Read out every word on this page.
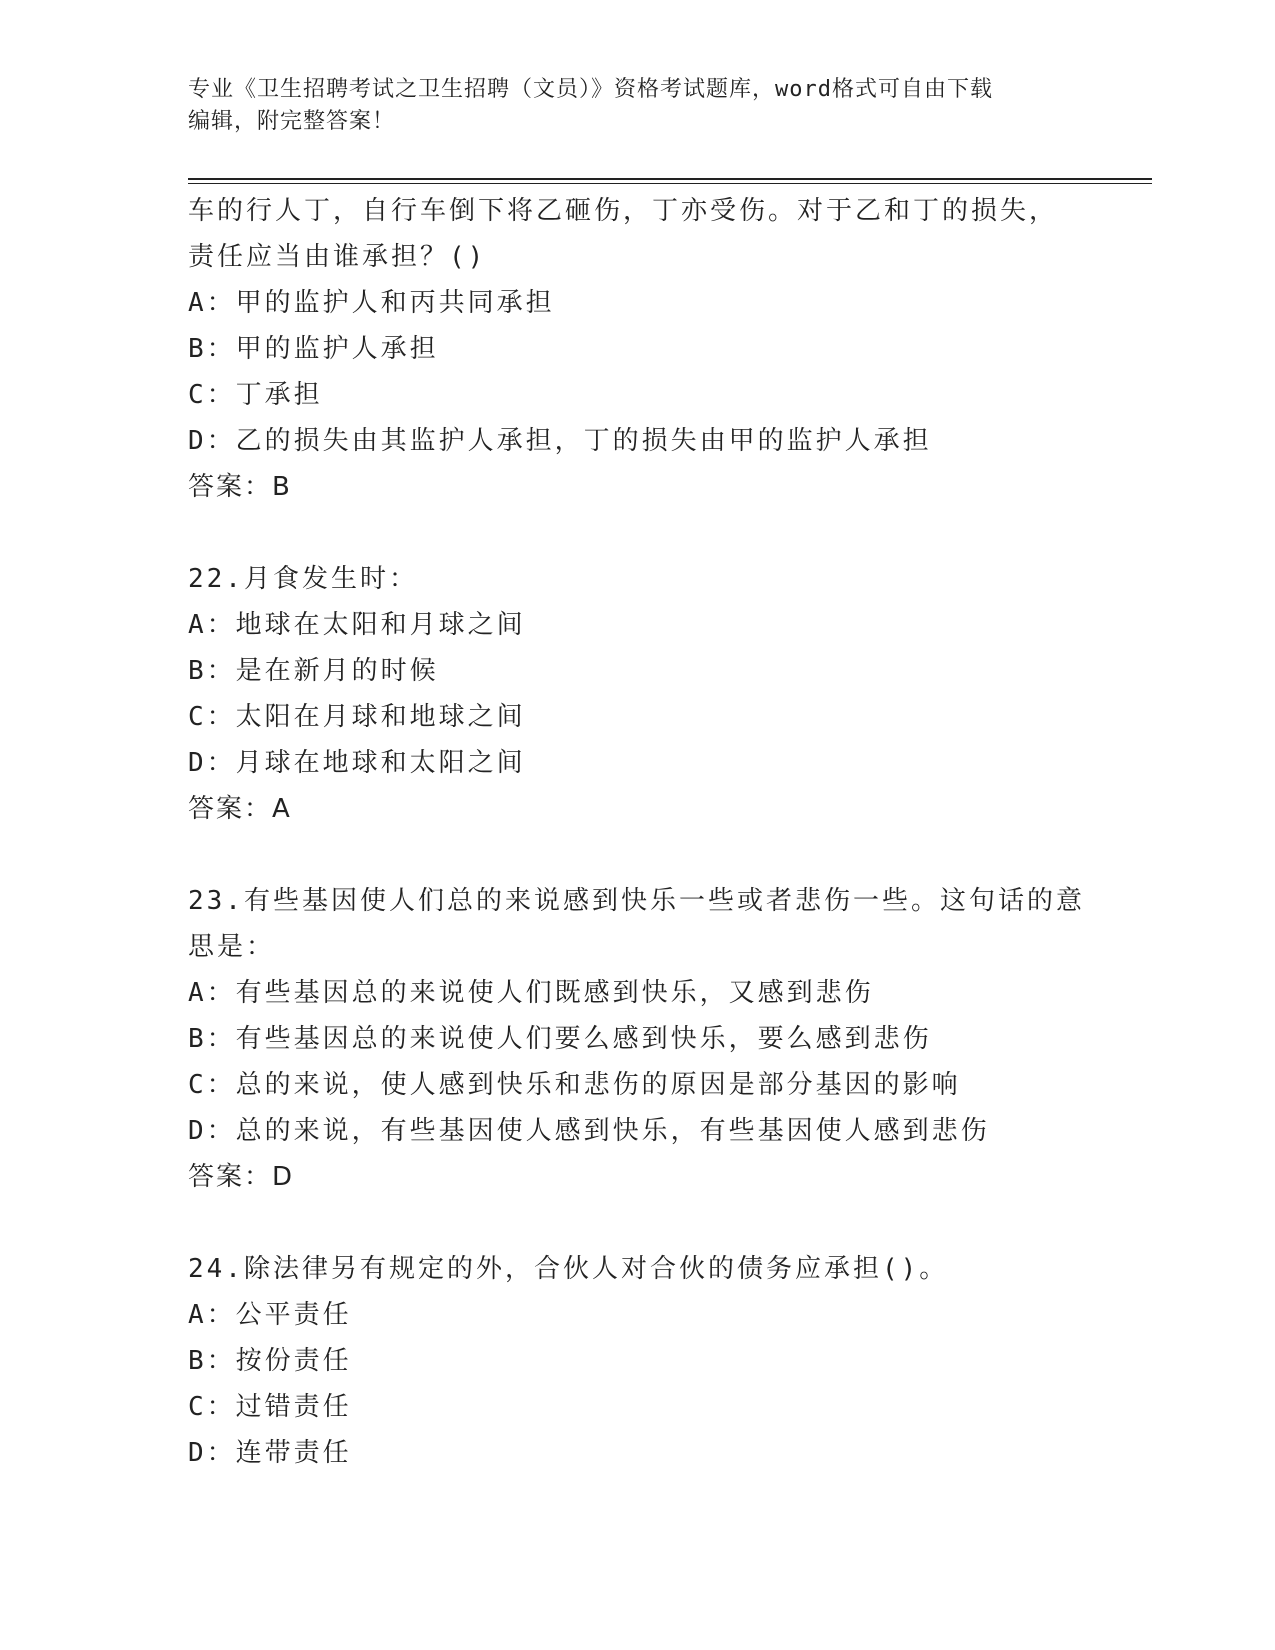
专业《卫生招聘考试之卫生招聘（文员）》资格考试题库，word格式可自由下载
编辑，附完整答案！
车的行人丁，自行车倒下将乙砸伤，丁亦受伤。对于乙和丁的损失，
责任应当由谁承担？()
A：甲的监护人和丙共同承担
B：甲的监护人承担
C：丁承担
D：乙的损失由其监护人承担，丁的损失由甲的监护人承担
答案：B
22.月食发生时：
A：地球在太阳和月球之间
B：是在新月的时候
C：太阳在月球和地球之间
D：月球在地球和太阳之间
答案：A
23.有些基因使人们总的来说感到快乐一些或者悲伤一些。这句话的意
思是：
A：有些基因总的来说使人们既感到快乐，又感到悲伤
B：有些基因总的来说使人们要么感到快乐，要么感到悲伤
C：总的来说，使人感到快乐和悲伤的原因是部分基因的影响
D：总的来说，有些基因使人感到快乐，有些基因使人感到悲伤
答案：D
24.除法律另有规定的外，合伙人对合伙的债务应承担()。
A：公平责任
B：按份责任
C：过错责任
D：连带责任
